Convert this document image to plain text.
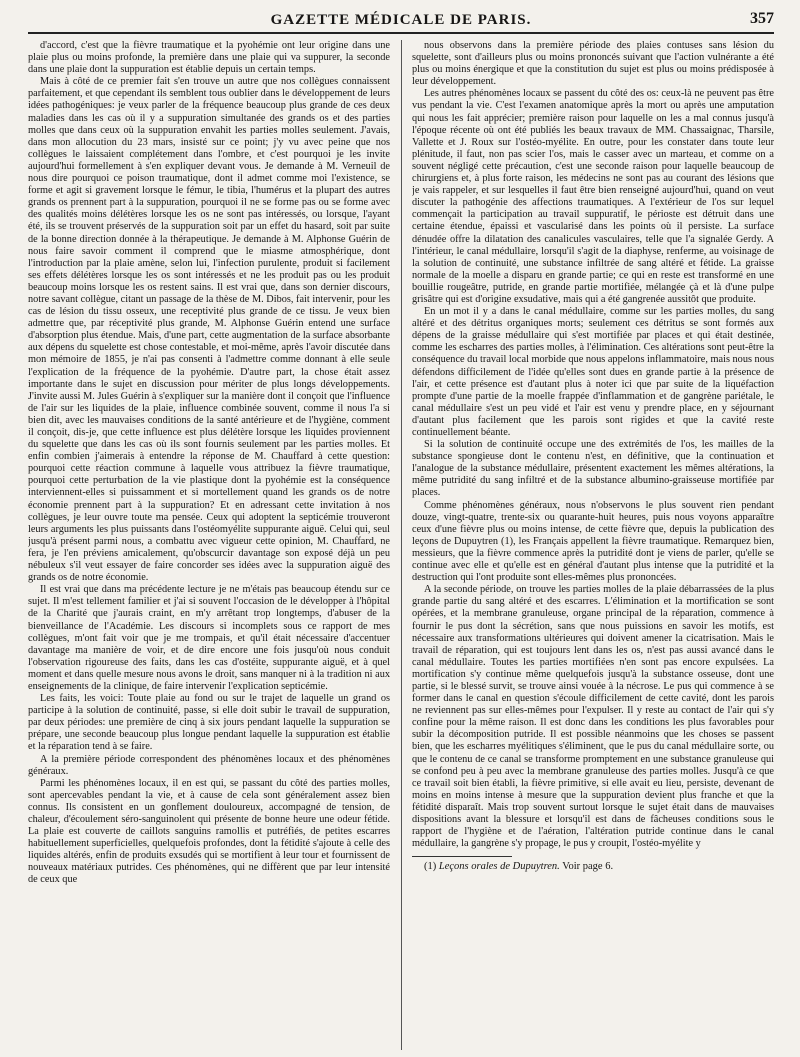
GAZETTE MÉDICALE DE PARIS.	357

d'accord, c'est que la fièvre traumatique et la pyohémie ont leur origine dans une plaie plus ou moins profonde, la première dans une plaie qui va suppurer, la seconde dans une plaie dont la suppuration est établie depuis un certain temps.

Mais à côté de ce premier fait s'en trouve un autre que nos collègues connaissent parfaitement, et que cependant ils semblent tous oublier dans le développement de leurs idées pathogéniques: je veux parler de la fréquence beaucoup plus grande de ces deux maladies dans les cas où il y a suppuration simultanée des grands os et des parties molles que dans ceux où la suppuration envahit les parties molles seulement. J'avais, dans mon allocution du 23 mars, insisté sur ce point; j'y vu avec peine que nos collègues le laissaient complétement dans l'ombre, et c'est pourquoi je les invite aujourd'hui formellement à s'en expliquer devant vous. Je demande à M. Verneuil de nous dire pourquoi ce poison traumatique, dont il admet comme moi l'existence, se forme et agit si gravement lorsque le fémur, le tibia, l'humérus et la plupart des autres grands os prennent part à la suppuration, pourquoi il ne se forme pas ou se forme avec des qualités moins délétères lorsque les os ne sont pas intéressés, ou lorsque, l'ayant été, ils se trouvent préservés de la suppuration soit par un effet du hasard, soit par suite de la bonne direction donnée à la thérapeutique. Je demande à M. Alphonse Guérin de nous faire savoir comment il comprend que le miasme atmosphérique, dont l'introduction par la plaie amène, selon lui, l'infection purulente, produit si facilement ses effets délétères lorsque les os sont intéressés et ne les produit pas ou les produit beaucoup moins lorsque les os restent sains. Il est vrai que, dans son dernier discours, notre savant collègue, citant un passage de la thèse de M. Dibos, fait intervenir, pour les cas de lésion du tissu osseux, une receptivité plus grande de ce tissu. Je veux bien admettre que, par réceptivité plus grande, M. Alphonse Guérin entend une surface d'absorption plus étendue. Mais, d'une part, cette augmentation de la surface absorbante aux dépens du squelette est chose contestable, et moi-même, après l'avoir discutée dans mon mémoire de 1855, je n'ai pas consenti à l'admettre comme donnant à elle seule l'explication de la fréquence de la pyohémie. D'autre part, la chose était assez importante dans le sujet en discussion pour mériter de plus longs développements. J'invite aussi M. Jules Guérin à s'expliquer sur la manière dont il conçoit que l'influence de l'air sur les liquides de la plaie, influence combinée souvent, comme il nous l'a si bien dit, avec les mauvaises conditions de la santé antérieure et de l'hygiène, comment il conçoit, dis-je, que cette influence est plus délétère lorsque les liquides proviennent du squelette que dans les cas où ils sont fournis seulement par les parties molles. Et enfin combien j'aimerais à entendre la réponse de M. Chauffard à cette question: pourquoi cette réaction commune à laquelle vous attribuez la fièvre traumatique, pourquoi cette perturbation de la vie plastique dont la pyohémie est la conséquence interviennent-elles si puissamment et si mortellement quand les grands os de notre économie prennent part à la suppuration? Et en adressant cette invitation à nos collègues, je leur ouvre toute ma pensée. Ceux qui adoptent la septicémie trouveront leurs arguments les plus puissants dans l'ostéomyélite suppurante aiguë. Celui qui, seul jusqu'à présent parmi nous, a combattu avec vigueur cette opinion, M. Chauffard, ne fera, je l'en préviens amicalement, qu'obscurcir davantage son exposé déjà un peu nébuleux s'il veut essayer de faire concorder ses idées avec la suppuration aiguë des grands os de notre économie.

Il est vrai que dans ma précédente lecture je ne m'étais pas beaucoup étendu sur ce sujet. Il m'est tellement familier et j'ai si souvent l'occasion de le développer à l'hôpital de la Charité que j'aurais craint, en m'y arrêtant trop longtemps, d'abuser de la bienveillance de l'Académie. Les discours si incomplets sous ce rapport de mes collègues, m'ont fait voir que je me trompais, et qu'il était nécessaire d'accentuer davantage ma manière de voir, et de dire encore une fois jusqu'où nous conduit l'observation rigoureuse des faits, dans les cas d'ostéite, suppurante aiguë, et à quel moment et dans quelle mesure nous avons le droit, sans manquer ni à la tradition ni aux enseignements de la clinique, de faire intervenir l'explication septicémie.

Les faits, les voici: Toute plaie au fond ou sur le trajet de laquelle un grand os participe à la solution de continuité, passe, si elle doit subir le travail de suppuration, par deux périodes: une première de cinq à six jours pendant laquelle la suppuration se prépare, une seconde beaucoup plus longue pendant laquelle la suppuration est établie et la réparation tend à se faire.

A la première période correspondent des phénomènes locaux et des phénomènes généraux.

Parmi les phénomènes locaux, il en est qui, se passant du côté des parties molles, sont apercevables pendant la vie, et à cause de cela sont généralement assez bien connus. Ils consistent en un gonflement douloureux, accompagné de tension, de chaleur, d'écoulement séro-sanguinolent qui présente de bonne heure une odeur fétide. La plaie est couverte de caillots sanguins ramollis et putréfiés, de petites escarres habituellement superficielles, quelquefois profondes, dont la fétidité s'ajoute à celle des liquides altérés, enfin de produits exsudés qui se mortifient à leur tour et fournissent de nouveaux matériaux putrides. Ces phénomènes, qui ne diffèrent que par leur intensité de ceux que

nous observons dans la première période des plaies contuses sans lésion du squelette, sont d'ailleurs plus ou moins prononcés suivant que l'action vulnérante a été plus ou moins énergique et que la constitution du sujet est plus ou moins prédisposée à leur développement.

Les autres phénomènes locaux se passent du côté des os: ceux-là ne peuvent pas être vus pendant la vie. C'est l'examen anatomique après la mort ou après une amputation qui nous les fait apprécier; première raison pour laquelle on les a mal connus jusqu'à l'époque récente où ont été publiés les beaux travaux de MM. Chassaignac, Tharsile, Vallette et J. Roux sur l'ostéo-myélite. En outre, pour les constater dans toute leur plénitude, il faut, non pas scier l'os, mais le casser avec un marteau, et comme on a souvent négligé cette précaution, c'est une seconde raison pour laquelle beaucoup de chirurgiens et, à plus forte raison, les médecins ne sont pas au courant des lésions que je vais rappeler, et sur lesquelles il faut être bien renseigné aujourd'hui, quand on veut discuter la pathogénie des affections traumatiques. A l'extérieur de l'os sur lequel commençait la participation au travail suppuratif, le périoste est détruit dans une certaine étendue, épaissi et vascularisé dans les points où il persiste. La surface dénudée offre la dilatation des canalicules vasculaires, telle que l'a signalée Gerdy. A l'intérieur, le canal médullaire, lorsqu'il s'agit de la diaphyse, renferme, au voisinage de la solution de continuité, une substance infiltrée de sang altéré et fétide. La graisse normale de la moelle a disparu en grande partie; ce qui en reste est transformé en une bouillie rougeâtre, putride, en grande partie mortifiée, mélangée çà et là d'une pulpe grisâtre qui est d'origine exsudative, mais qui a été gangrenée aussitôt que produite.

En un mot il y a dans le canal médullaire, comme sur les parties molles, du sang altéré et des détritus organiques morts; seulement ces détritus se sont formés aux dépens de la graisse médullaire qui s'est mortifiée par places et qui était destinée, comme les escharres des parties molles, à l'élimination. Ces altérations sont peut-être la conséquence du travail local morbide que nous appelons inflammatoire, mais nous nous défendons difficilement de l'idée qu'elles sont dues en grande partie à la présence de l'air, et cette présence est d'autant plus à noter ici que par suite de la liquéfaction prompte d'une partie de la moelle frappée d'inflammation et de gangrène pariétale, le canal médullaire s'est un peu vidé et l'air est venu y prendre place, en y séjournant d'autant plus facilement que les parois sont rigides et que la cavité reste continuellement béante.

Si la solution de continuité occupe une des extrémités de l'os, les mailles de la substance spongieuse dont le contenu n'est, en définitive, que la continuation et l'analogue de la substance médullaire, présentent exactement les mêmes altérations, la même putridité du sang infiltré et de la substance albumino-graisseuse mortifiée par places.

Comme phénomènes généraux, nous n'observons le plus souvent rien pendant douze, vingt-quatre, trente-six ou quarante-huit heures, puis nous voyons apparaître ceux d'une fièvre plus ou moins intense, de cette fièvre que, depuis la publication des leçons de Dupuytren (1), les Français appellent la fièvre traumatique. Remarquez bien, messieurs, que la fièvre commence après la putridité dont je viens de parler, qu'elle se continue avec elle et qu'elle est en général d'autant plus intense que la putridité et la destruction qui l'ont produite sont elles-mêmes plus prononcées.

A la seconde période, on trouve les parties molles de la plaie débarrassées de la plus grande partie du sang altéré et des escarres. L'élimination et la mortification se sont opérées, et la membrane granuleuse, organe principal de la réparation, commence à fournir le pus dont la sécrétion, sans que nous puissions en savoir les motifs, est nécessaire aux transformations ultérieures qui doivent amener la cicatrisation. Mais le travail de réparation, qui est toujours lent dans les os, n'est pas aussi avancé dans le canal médullaire. Toutes les parties mortifiées n'en sont pas encore expulsées. La mortification s'y continue même quelquefois jusqu'à la substance osseuse, dont une partie, si le blessé survit, se trouve ainsi vouée à la nécrose. Le pus qui commence à se former dans le canal en question s'écoule difficilement de cette cavité, dont les parois ne reviennent pas sur elles-mêmes pour l'expulser. Il y reste au contact de l'air qui s'y confine pour la même raison. Il est donc dans les conditions les plus favorables pour subir la décomposition putride. Il est possible néanmoins que les choses se passent bien, que les escharres myélitiques s'éliminent, que le pus du canal médullaire sorte, ou que le contenu de ce canal se transforme promptement en une substance granuleuse qui se confond peu à peu avec la membrane granuleuse des parties molles. Jusqu'à ce que ce travail soit bien établi, la fièvre primitive, si elle avait eu lieu, persiste, devenant de moins en moins intense à mesure que la suppuration devient plus franche et que la fétidité disparaît. Mais trop souvent surtout lorsque le sujet était dans de mauvaises dispositions avant la blessure et lorsqu'il est dans de fâcheuses conditions sous le rapport de l'hygiène et de l'aération, l'altération putride continue dans le canal médullaire, la gangrène s'y propage, le pus y croupit, l'ostéo-myélite y

(1) Leçons orales de Dupuytren. Voir page 6.
